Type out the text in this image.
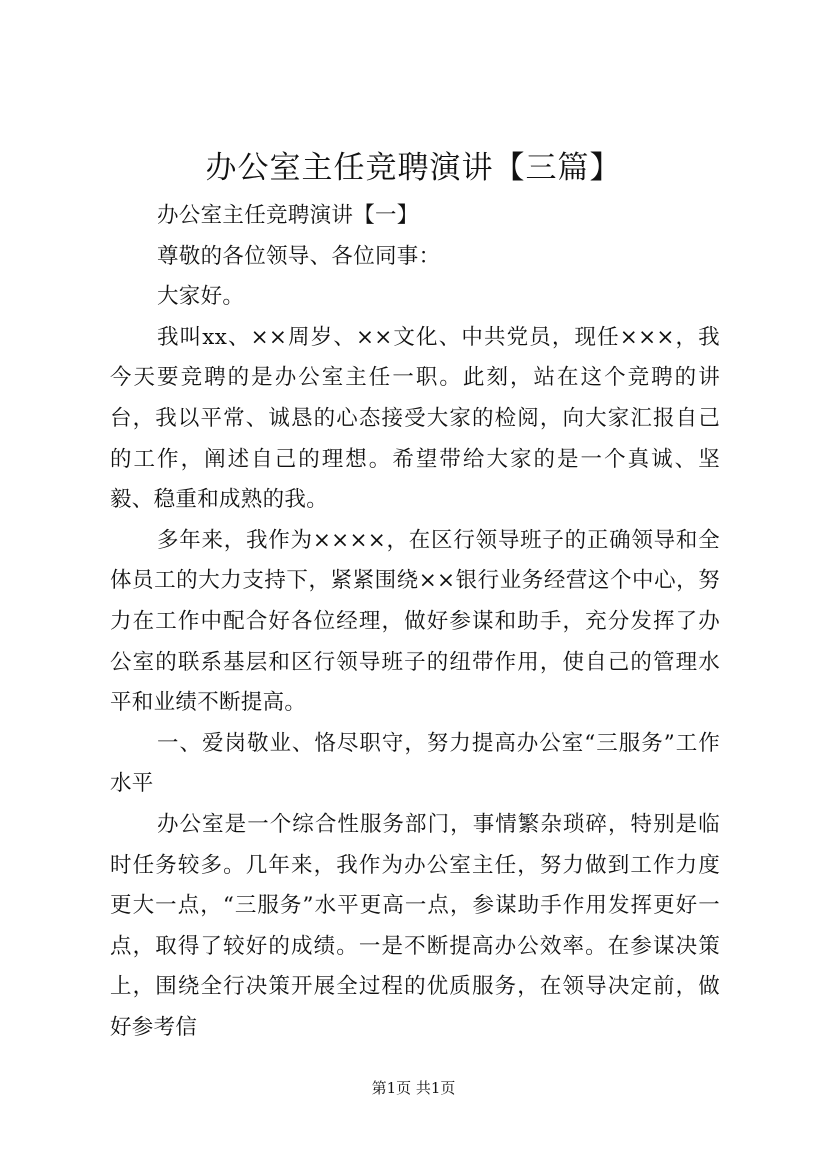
办公室主任竞聘演讲【三篇】

办公室主任竞聘演讲【一】

尊敬的各位领导、各位同事：

大家好。

我叫xx、××周岁、××文化、中共党员，现任×××，我今天要竞聘的是办公室主任一职。此刻，站在这个竞聘的讲台，我以平常、诚恳的心态接受大家的检阅，向大家汇报自己的工作，阐述自己的理想。希望带给大家的是一个真诚、坚毅、稳重和成熟的我。

多年来，我作为××××，在区行领导班子的正确领导和全体员工的大力支持下，紧紧围绕××银行业务经营这个中心，努力在工作中配合好各位经理，做好参谋和助手，充分发挥了办公室的联系基层和区行领导班子的纽带作用，使自己的管理水平和业绩不断提高。

一、爱岗敬业、恪尽职守，努力提高办公室“三服务”工作水平

办公室是一个综合性服务部门，事情繁杂琐碎，特别是临时任务较多。几年来，我作为办公室主任，努力做到工作力度更大一点，“三服务”水平更高一点，参谋助手作用发挥更好一点，取得了较好的成绩。一是不断提高办公效率。在参谋决策上，围绕全行决策开展全过程的优质服务，在领导决定前，做好参考信

第1页 共1页
